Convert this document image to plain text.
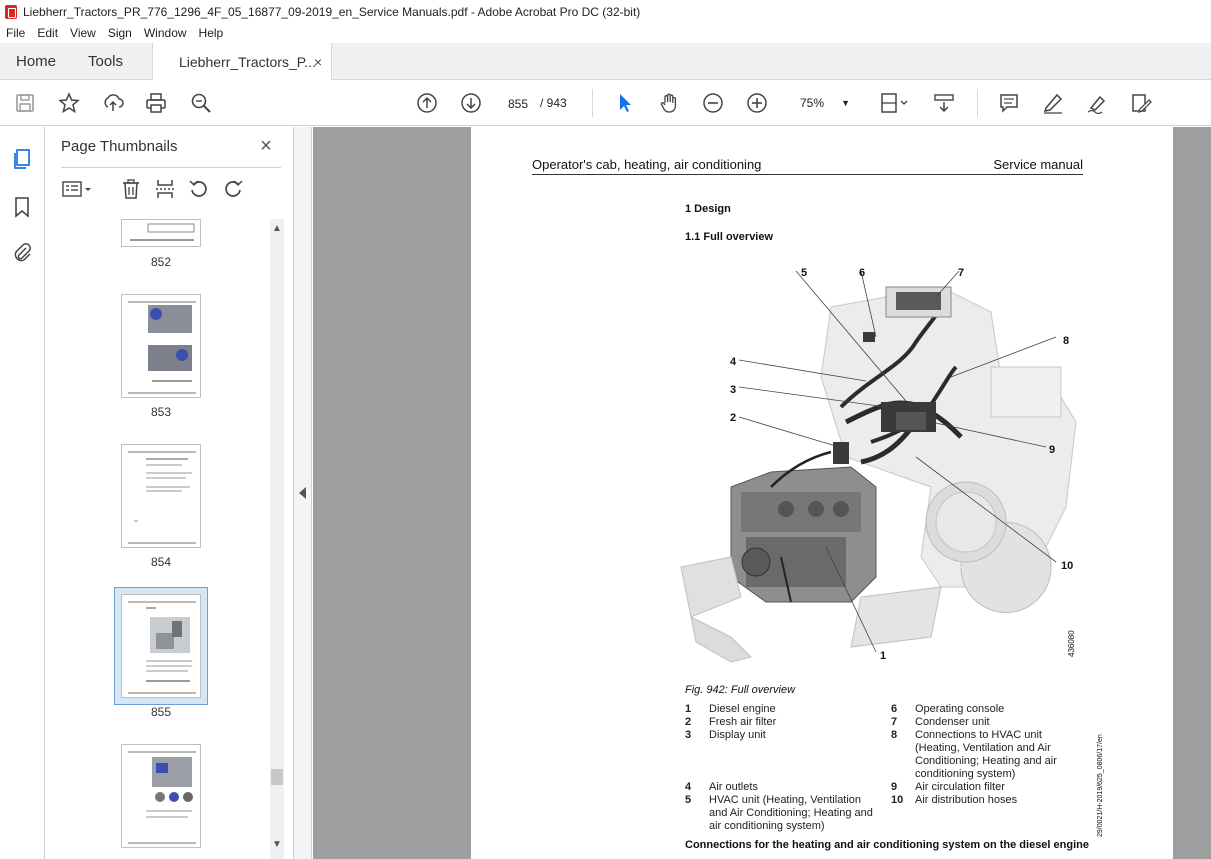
Liebherr_Tractors_PR_776_1296_4F_05_16877_09-2019_en_Service Manuals.pdf - Adobe Acrobat Pro DC (32-bit)
File	Edit	View	Sign	Window	Help
Home Tools	Liebherr_Tractors_P...
×
855 / 943	75% ▼
Page Thumbnails	×
852
853
854
855
▲
▼
Operator's cab, heating, air conditioning	Service manual
1 Design
1.1 Full overview
1
2
3
4
5	6	7
8
9
10
436080
Fig. 942: Full overview
1 Diesel engine
2 Fresh air filter
3 Display unit
4 Air outlets
5 HVAC unit (Heating, Ventilation
and Air Conditioning; Heating and
air conditioning system)
6 Operating console
7 Condenser unit
8 Connections to HVAC unit
(Heating, Ventilation and Air
Conditioning; Heating and air
conditioning system)
9 Air circulation filter
10 Air distribution hoses	29/0021/H-2019/625_0806/17/en
Connections for the heating and air conditioning system on the diesel engine
